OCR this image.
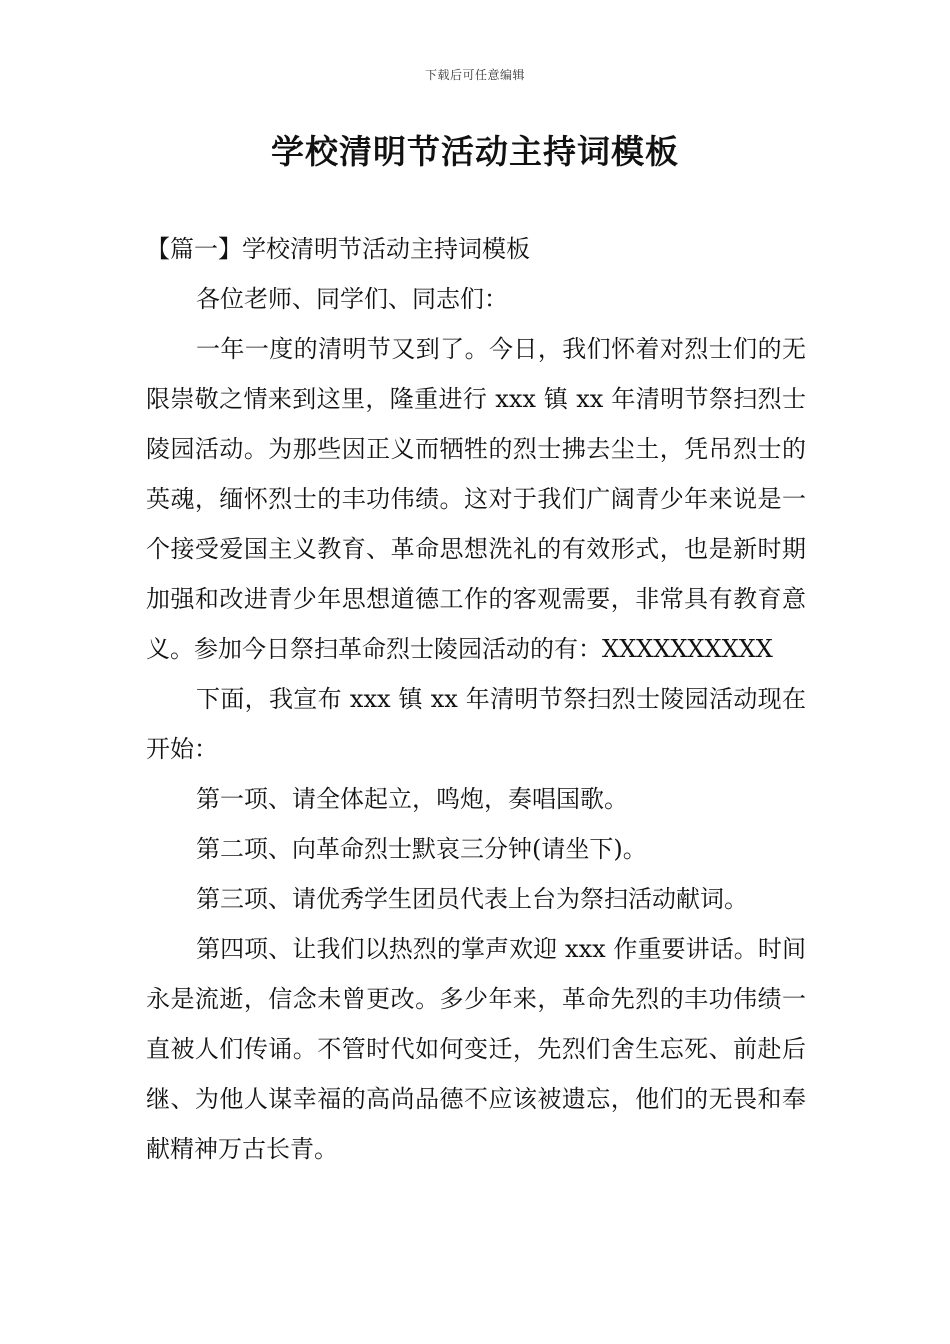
下载后可任意编辑
学校清明节活动主持词模板

【篇一】学校清明节活动主持词模板

各位老师、同学们、同志们：

一年一度的清明节又到了。今日，我们怀着对烈士们的无限崇敬之情来到这里，隆重进行 xxx 镇 xx 年清明节祭扫烈士陵园活动。为那些因正义而牺牲的烈士拂去尘土，凭吊烈士的英魂，缅怀烈士的丰功伟绩。这对于我们广阔青少年来说是一个接受爱国主义教育、革命思想洗礼的有效形式，也是新时期加强和改进青少年思想道德工作的客观需要，非常具有教育意义。参加今日祭扫革命烈士陵园活动的有：XXXXXXXXXX

下面，我宣布 xxx 镇 xx 年清明节祭扫烈士陵园活动现在开始：

第一项、请全体起立，鸣炮，奏唱国歌。

第二项、向革命烈士默哀三分钟(请坐下)。

第三项、请优秀学生团员代表上台为祭扫活动献词。

第四项、让我们以热烈的掌声欢迎 xxx 作重要讲话。时间永是流逝，信念未曾更改。多少年来，革命先烈的丰功伟绩一直被人们传诵。不管时代如何变迁，先烈们舍生忘死、前赴后继、为他人谋幸福的高尚品德不应该被遗忘，他们的无畏和奉献精神万古长青。
